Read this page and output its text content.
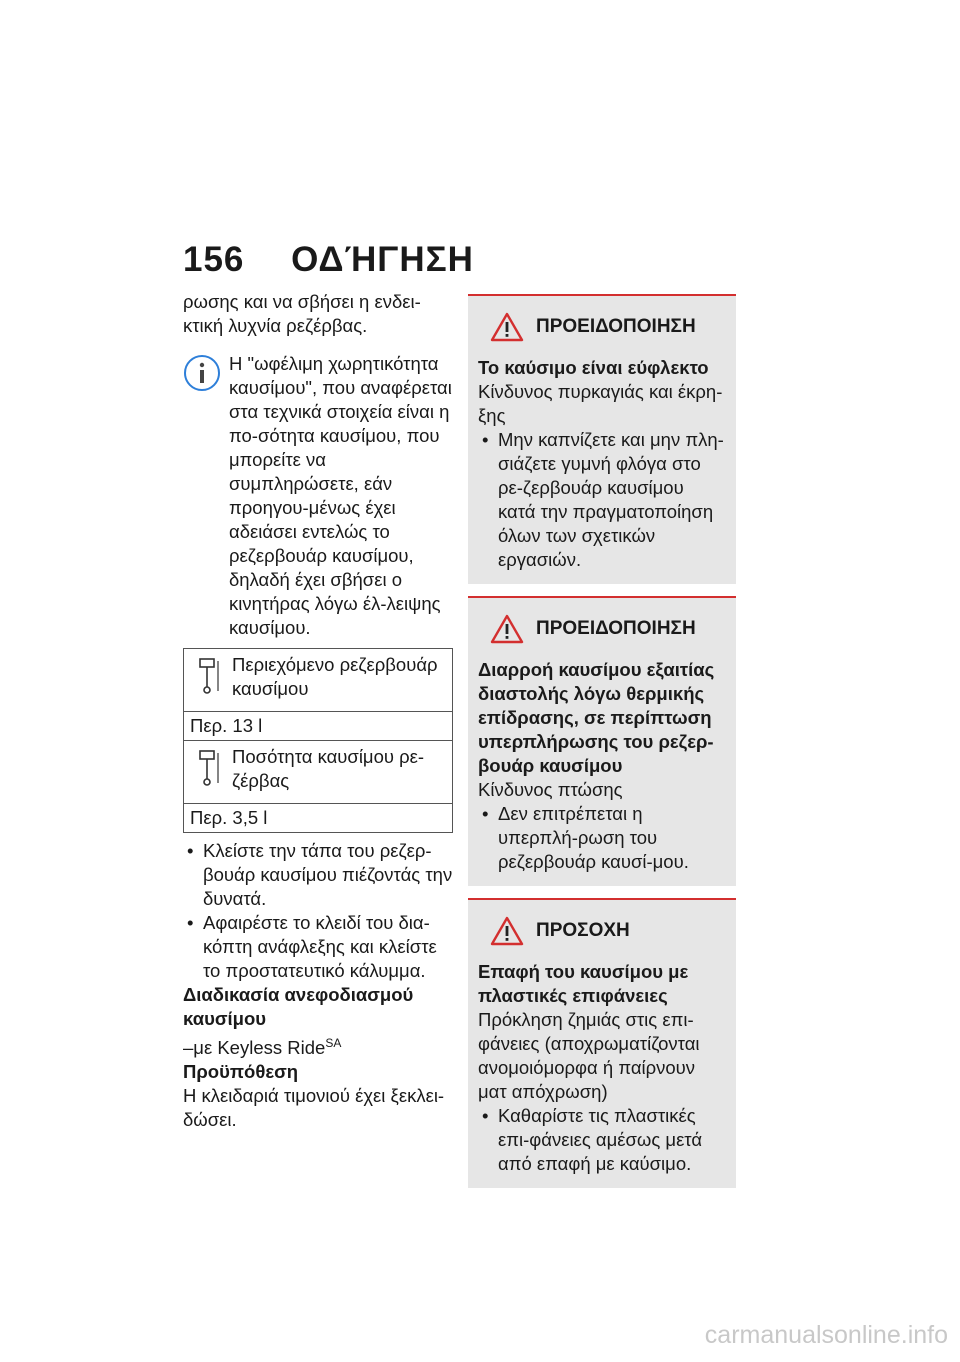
156 ΟΔΉΓΗΣΗ

ρωσης και να σβήσει η ενδει-κτική λυχνία ρεζέρβας.

Η "ωφέλιμη χωρητικότητα καυσίμου", που αναφέρεται στα τεχνικά στοιχεία είναι η πο-σότητα καυσίμου, που μπορείτε να συμπληρώσετε, εάν προηγου-μένως έχει αδειάσει εντελώς το ρεζερβουάρ καυσίμου, δηλαδή έχει σβήσει ο κινητήρας λόγω έλ-λειψης καυσίμου.
Περιεχόμενο ρεζερβουάρ καυσίμου
Περ. 13 l
Ποσότητα καυσίμου ρε-ζέρβας
Περ. 3,5 l
• Κλείστε την τάπα του ρεζερ-βουάρ καυσίμου πιέζοντάς την δυνατά.
• Αφαιρέστε το κλειδί του δια-κόπτη ανάφλεξης και κλείστε το προστατευτικό κάλυμμα.

Διαδικασία ανεφοδιασμού καυσίμου

–με Keyless Ride$^{SA}$

Προϋπόθεση

Η κλειδαριά τιμονιού έχει ξεκλει-δώσει.

ΠΡΟΕΙΔΟΠΟΙΗΣΗ

Το καύσιμο είναι εύφλεκτο

Κίνδυνος πυρκαγιάς και έκρη-ξης

• Μην καπνίζετε και μην πλη-σιάζετε γυμνή φλόγα στο ρε-ζερβουάρ καυσίμου κατά την πραγματοποίηση όλων των σχετικών εργασιών.
ΠΡΟΕΙΔΟΠΟΙΗΣΗ

Διαρροή καυσίμου εξαιτίας διαστολής λόγω θερμικής επίδρασης, σε περίπτωση υπερπλήρωσης του ρεζερ-βουάρ καυσίμου

Κίνδυνος πτώσης

• Δεν επιτρέπεται η υπερπλή-ρωση του ρεζερβουάρ καυσί-μου.
ΠΡΟΣΟΧΗ

Επαφή του καυσίμου με πλαστικές επιφάνειες

Πρόκληση ζημιάς στις επι-φάνειες (αποχρωματίζονται ανομοιόμορφα ή παίρνουν ματ απόχρωση)

• Καθαρίστε τις πλαστικές επι-φάνειες αμέσως μετά από επαφή με καύσιμο.
carmanualsonline.info
